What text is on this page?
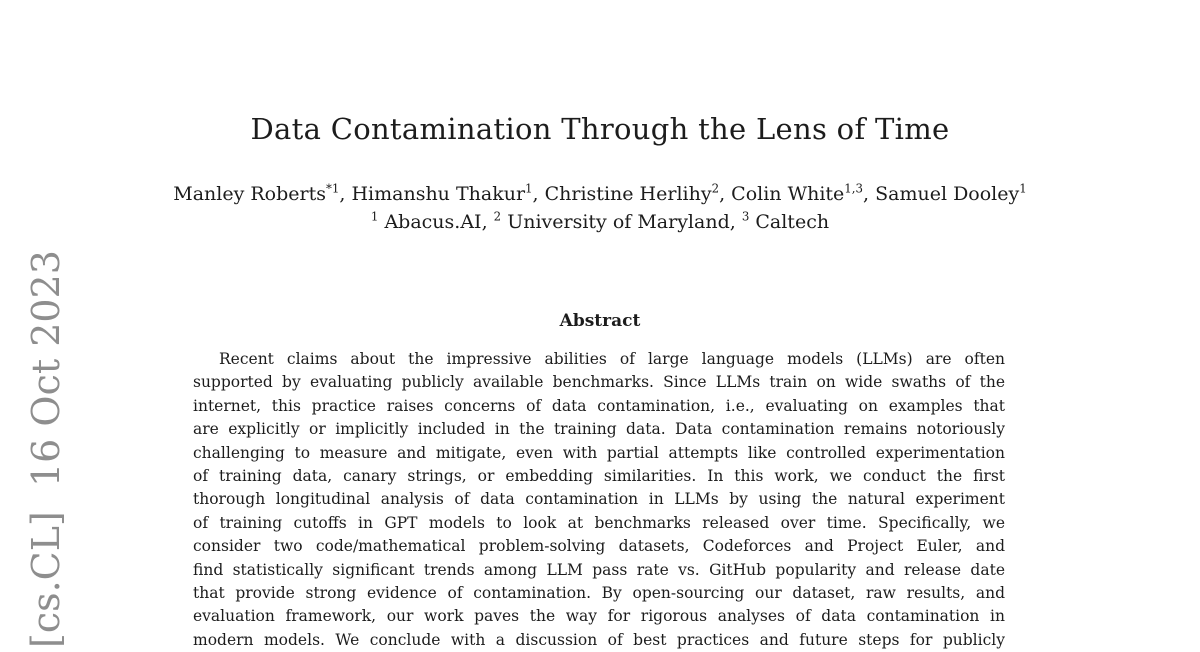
[cs.CL]  16 Oct 2023
Data Contamination Through the Lens of Time
Manley Roberts$^{*1}$, Himanshu Thakur$^1$, Christine Herlihy$^2$, Colin White$^{1,3}$, Samuel Dooley$^1$
$^1$ Abacus.AI, $^2$ University of Maryland, $^3$ Caltech
Abstract
Recent claims about the impressive abilities of large language models (LLMs) are often
supported by evaluating publicly available benchmarks. Since LLMs train on wide swaths of the
internet, this practice raises concerns of data contamination, i.e., evaluating on examples that
are explicitly or implicitly included in the training data. Data contamination remains notoriously
challenging to measure and mitigate, even with partial attempts like controlled experimentation
of training data, canary strings, or embedding similarities. In this work, we conduct the first
thorough longitudinal analysis of data contamination in LLMs by using the natural experiment
of training cutoffs in GPT models to look at benchmarks released over time. Specifically, we
consider two code/mathematical problem-solving datasets, Codeforces and Project Euler, and
find statistically significant trends among LLM pass rate vs. GitHub popularity and release date
that provide strong evidence of contamination. By open-sourcing our dataset, raw results, and
evaluation framework, our work paves the way for rigorous analyses of data contamination in
modern models. We conclude with a discussion of best practices and future steps for publicly
